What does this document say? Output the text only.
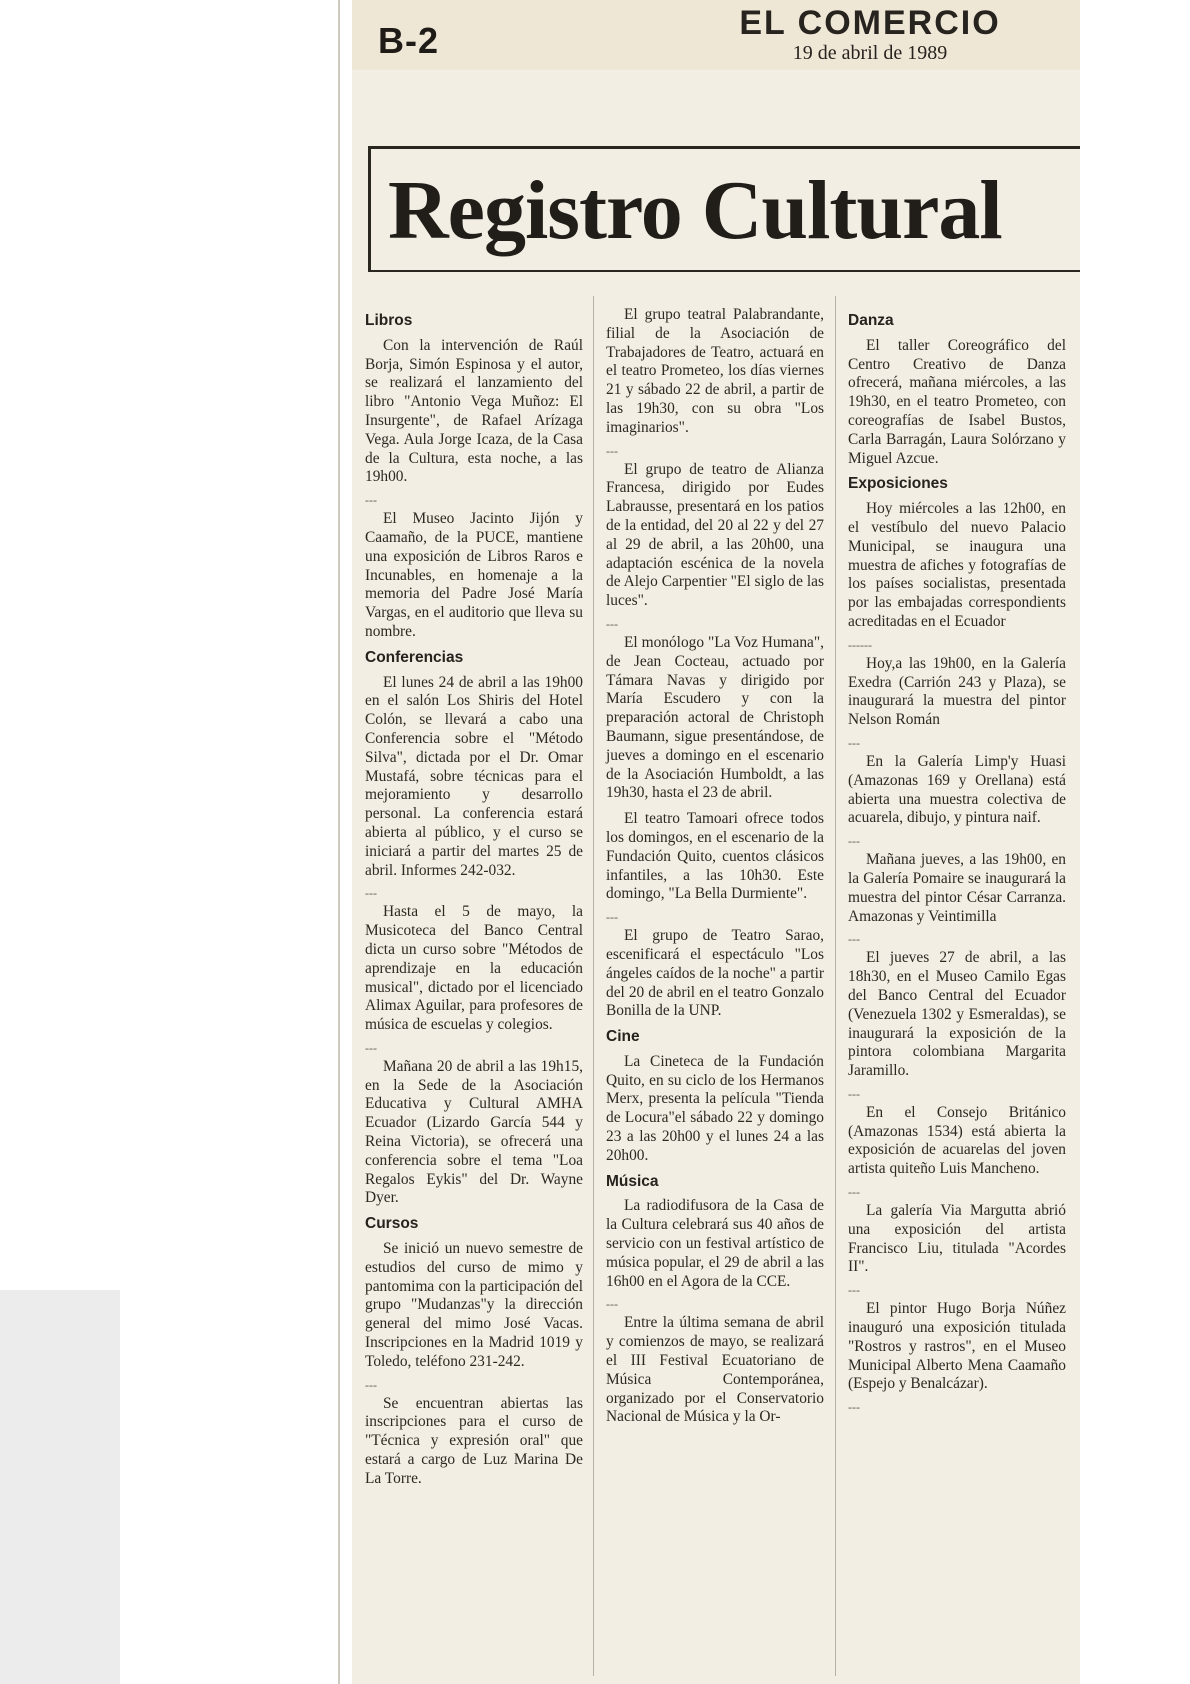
B-2	EL COMERCIO
19 de abril de 1989
Registro Cultural
Libros

Con la intervención de Raúl Borja, Simón Espinosa y el autor, se realizará el lanzamiento del libro "Antonio Vega Muñoz: El Insurgente", de Rafael Arízaga Vega. Aula Jorge Icaza, de la Casa de la Cultura, esta noche, a las 19h00.

---

El Museo Jacinto Jijón y Caamaño, de la PUCE, mantiene una exposición de Libros Raros e Incunables, en homenaje a la memoria del Padre José María Vargas, en el auditorio que lleva su nombre.

Conferencias

El lunes 24 de abril a las 19h00 en el salón Los Shiris del Hotel Colón, se llevará a cabo una Conferencia sobre el "Método Silva", dictada por el Dr. Omar Mustafá, sobre técnicas para el mejoramiento y desarrollo personal. La conferencia estará abierta al público, y el curso se iniciará a partir del martes 25 de abril. Informes 242-032.

---

Hasta el 5 de mayo, la Musicoteca del Banco Central dicta un curso sobre "Métodos de aprendizaje en la educación musical", dictado por el licenciado Alimax Aguilar, para profesores de música de escuelas y colegios.

---

Mañana 20 de abril a las 19h15, en la Sede de la Asociación Educativa y Cultural AMHA Ecuador (Lizardo García 544 y Reina Victoria), se ofrecerá una conferencia sobre el tema "Loa Regalos Eykis" del Dr. Wayne Dyer.

Cursos

Se inició un nuevo semestre de estudios del curso de mimo y pantomima con la participación del grupo "Mudanzas"y la dirección general del mimo José Vacas. Inscripciones en la Madrid 1019 y Toledo, teléfono 231-242.

---

Se encuentran abiertas las inscripciones para el curso de "Técnica y expresión oral" que estará a cargo de Luz Marina De La Torre.

El grupo teatral Palabrandante, filial de la Asociación de Trabajadores de Teatro, actuará en el teatro Prometeo, los días viernes 21 y sábado 22 de abril, a partir de las 19h30, con su obra "Los imaginarios".

---

El grupo de teatro de Alianza Francesa, dirigido por Eudes Labrausse, presentará en los patios de la entidad, del 20 al 22 y del 27 al 29 de abril, a las 20h00, una adaptación escénica de la novela de Alejo Carpentier "El siglo de las luces".

---

El monólogo "La Voz Humana", de Jean Cocteau, actuado por Támara Navas y dirigido por María Escudero y con la preparación actoral de Christoph Baumann, sigue presentándose, de jueves a domingo en el escenario de la Asociación Humboldt, a las 19h30, hasta el 23 de abril.

El teatro Tamoari ofrece todos los domingos, en el escenario de la Fundación Quito, cuentos clásicos infantiles, a las 10h30. Este domingo, "La Bella Durmiente".

---

El grupo de Teatro Sarao, escenificará el espectáculo "Los ángeles caídos de la noche" a partir del 20 de abril en el teatro Gonzalo Bonilla de la UNP.

Cine

La Cineteca de la Fundación Quito, en su ciclo de los Hermanos Merx, presenta la película "Tienda de Locura"el sábado 22 y domingo 23 a las 20h00 y el lunes 24 a las 20h00.

Música

La radiodifusora de la Casa de la Cultura celebrará sus 40 años de servicio con un festival artístico de música popular, el 29 de abril a las 16h00 en el Agora de la CCE.

---

Entre la última semana de abril y comienzos de mayo, se realizará el III Festival Ecuatoriano de Música Contemporánea, organizado por el Conservatorio Nacional de Música y la Or-

Danza

El taller Coreográfico del Centro Creativo de Danza ofrecerá, mañana miércoles, a las 19h30, en el teatro Prometeo, con coreografías de Isabel Bustos, Carla Barragán, Laura Solórzano y Miguel Azcue.

Exposiciones

Hoy miércoles a las 12h00, en el vestíbulo del nuevo Palacio Municipal, se inaugura una muestra de afiches y fotografías de los países socialistas, presentada por las embajadas correspondients acreditadas en el Ecuador

------

Hoy,a las 19h00, en la Galería Exedra (Carrión 243 y Plaza), se inaugurará la muestra del pintor Nelson Román

---

En la Galería Limp'y Huasi (Amazonas 169 y Orellana) está abierta una muestra colectiva de acuarela, dibujo, y pintura naif.

---

Mañana jueves, a las 19h00, en la Galería Pomaire se inaugurará la muestra del pintor César Carranza. Amazonas y Veintimilla

---

El jueves 27 de abril, a las 18h30, en el Museo Camilo Egas del Banco Central del Ecuador (Venezuela 1302 y Esmeraldas), se inaugurará la exposición de la pintora colombiana Margarita Jaramillo.

---

En el Consejo Británico (Amazonas 1534) está abierta la exposición de acuarelas del joven artista quiteño Luis Mancheno.

---

La galería Via Margutta abrió una exposición del artista Francisco Liu, titulada "Acordes II".

---

El pintor Hugo Borja Núñez inauguró una exposición titulada "Rostros y rastros", en el Museo Municipal Alberto Mena Caamaño (Espejo y Benalcázar).

---
